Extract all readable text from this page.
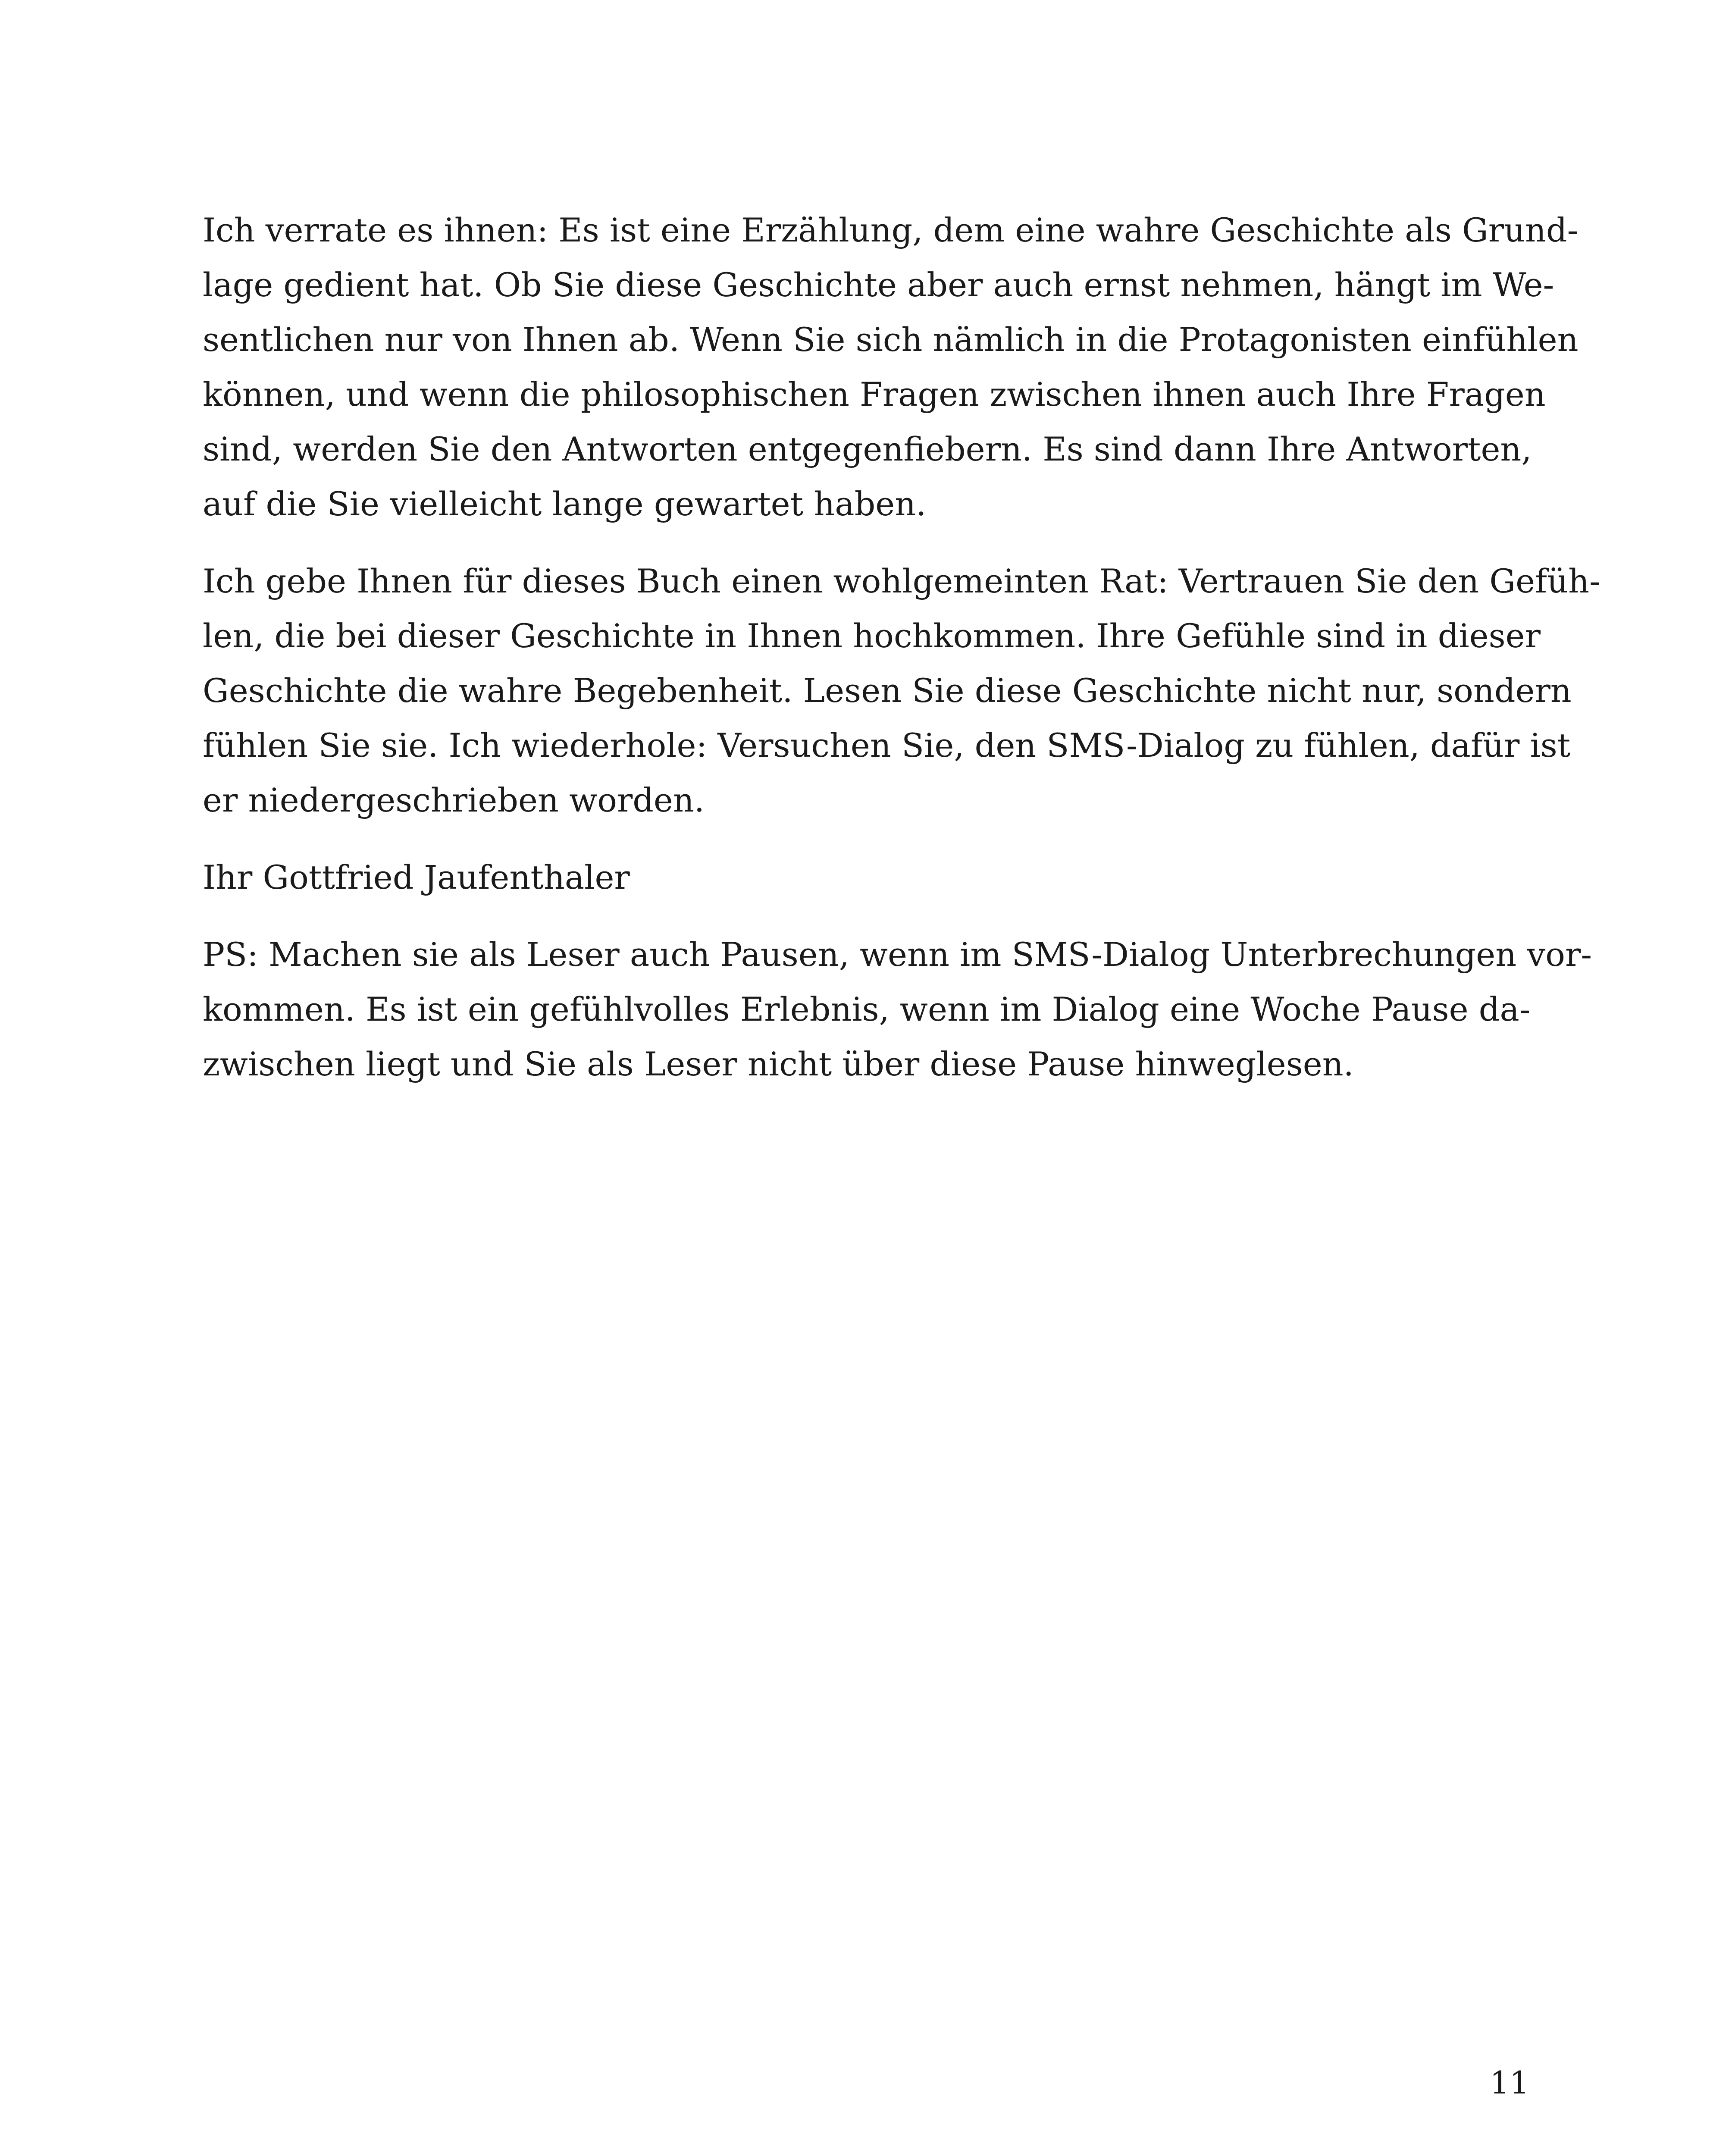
Ich verrate es ihnen: Es ist eine Erzählung, dem eine wahre Geschichte als Grund-
lage gedient hat. Ob Sie diese Geschichte aber auch ernst nehmen, hängt im We-
sentlichen nur von Ihnen ab. Wenn Sie sich nämlich in die Protagonisten einfühlen
können, und wenn die philosophischen Fragen zwischen ihnen auch Ihre Fragen
sind, werden Sie den Antworten entgegenfiebern. Es sind dann Ihre Antworten,
auf die Sie vielleicht lange gewartet haben.
Ich gebe Ihnen für dieses Buch einen wohlgemeinten Rat: Vertrauen Sie den Gefüh-
len, die bei dieser Geschichte in Ihnen hochkommen. Ihre Gefühle sind in dieser
Geschichte die wahre Begebenheit. Lesen Sie diese Geschichte nicht nur, sondern
fühlen Sie sie. Ich wiederhole: Versuchen Sie, den SMS-Dialog zu fühlen, dafür ist
er niedergeschrieben worden.
Ihr Gottfried Jaufenthaler
PS: Machen sie als Leser auch Pausen, wenn im SMS-Dialog Unterbrechungen vor-
kommen. Es ist ein gefühlvolles Erlebnis, wenn im Dialog eine Woche Pause da-
zwischen liegt und Sie als Leser nicht über diese Pause hinweglesen.
11
